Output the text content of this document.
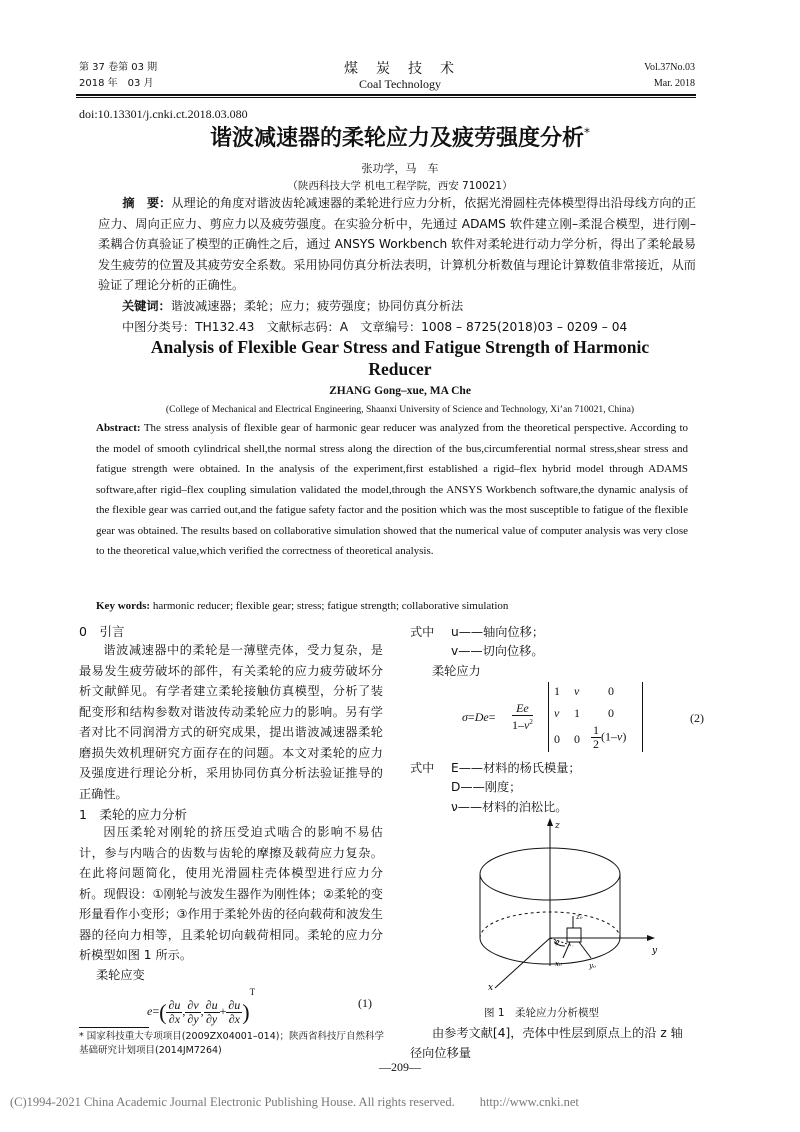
第 37 卷第 03 期
2018 年　03 月
煤　炭　技　术
Coal Technology
Vol.37No.03
Mar. 2018
doi:10.13301/j.cnki.ct.2018.03.080
谐波减速器的柔轮应力及疲劳强度分析*
张功学，马　车
（陕西科技大学 机电工程学院，西安 710021）
摘　要：从理论的角度对谐波齿轮减速器的柔轮进行应力分析，依据光滑圆柱壳体模型得出沿母线方向的正应力、周向正应力、剪应力以及疲劳强度。在实验分析中，先通过 ADAMS 软件建立刚–柔混合模型，进行刚–柔耦合仿真验证了模型的正确性之后，通过 ANSYS Workbench 软件对柔轮进行动力学分析，得出了柔轮最易发生疲劳的位置及其疲劳安全系数。采用协同仿真分析法表明，计算机分析数值与理论计算数值非常接近，从而验证了理论分析的正确性。
关键词：谐波减速器；柔轮；应力；疲劳强度；协同仿真分析法
中图分类号：TH132.43　文献标志码：A　文章编号：1008 – 8725(2018)03 – 0209 – 04
Analysis of Flexible Gear Stress and Fatigue Strength of Harmonic
Reducer
ZHANG Gong–xue, MA Che
(College of Mechanical and Electrical Engineering, Shaanxi University of Science and Technology, Xi’an 710021, China)
Abstract: The stress analysis of flexible gear of harmonic gear reducer was analyzed from the theoretical perspective. According to the model of smooth cylindrical shell,the normal stress along the direction of the bus,circumferential normal stress,shear stress and fatigue strength were obtained. In the analysis of the experiment,first established a rigid–flex hybrid model through ADAMS software,after rigid–flex coupling simulation validated the model,through the ANSYS Workbench software,the dynamic analysis of the flexible gear was carried out,and the fatigue safety factor and the position which was the most susceptible to fatigue of the flexible gear was obtained. The results based on collaborative simulation showed that the numerical value of computer analysis was very close to the theoretical value,which verified the correctness of theoretical analysis.
Key words: harmonic reducer; flexible gear; stress; fatigue strength; collaborative simulation
0　引言
谐波减速器中的柔轮是一薄壁壳体，受力复杂，是最易发生疲劳破坏的部件，有关柔轮的应力疲劳破坏分析文献鲜见。有学者建立柔轮接触仿真模型，分析了装配变形和结构参数对谐波传动柔轮应力的影响。另有学者对比不同润滑方式的研究成果，提出谐波减速器柔轮磨损失效机理研究方面存在的问题。本文对柔轮的应力及强度进行理论分析，采用协同仿真分析法验证推导的正确性。
1　柔轮的应力分析
因压柔轮对刚轮的挤压受迫式啮合的影响不易估计，参与内啮合的齿数与齿轮的摩擦及载荷应力复杂。在此将问题简化，使用光滑圆柱壳体模型进行应力分析。现假设：①刚轮与波发生器作为刚性体；②柔轮的变形量看作小变形；③作用于柔轮外齿的径向载荷和波发生器的径向力相等，且柔轮切向载荷相同。柔轮的应力分析模型如图 1 所示。
柔轮应变
$e=( \frac{\partial u}{\partial x}$ , $\frac{\partial v}{\partial y}$ , $\frac{\partial u}{\partial y} + \frac{\partial u}{\partial x} )^T$
(1)
* 国家科技重大专项项目(2009ZX04001–014)；陕西省科技厅自然科学基础研究计划项目(2014JM7264)
式中 u——轴向位移；
v——切向位移。
柔轮应力
$\sigma=De= \frac{Ee}{1-\nu^2}$
1 ν 0
ν 1 0
0 $0 \frac{1}{2} (1-\nu)$
(2)
式中 E——材料的杨氏模量；
D——刚度；
ν——材料的泊松比。
z
y
x
x₀	y₀
z₀
φ
图 1　柔轮应力分析模型
由参考文献[4]，壳体中性层到原点上的沿 z 轴
径向位移量
—209—
(C)1994-2021 China Academic Journal Electronic Publishing House. All rights reserved.　　http://www.cnki.net
